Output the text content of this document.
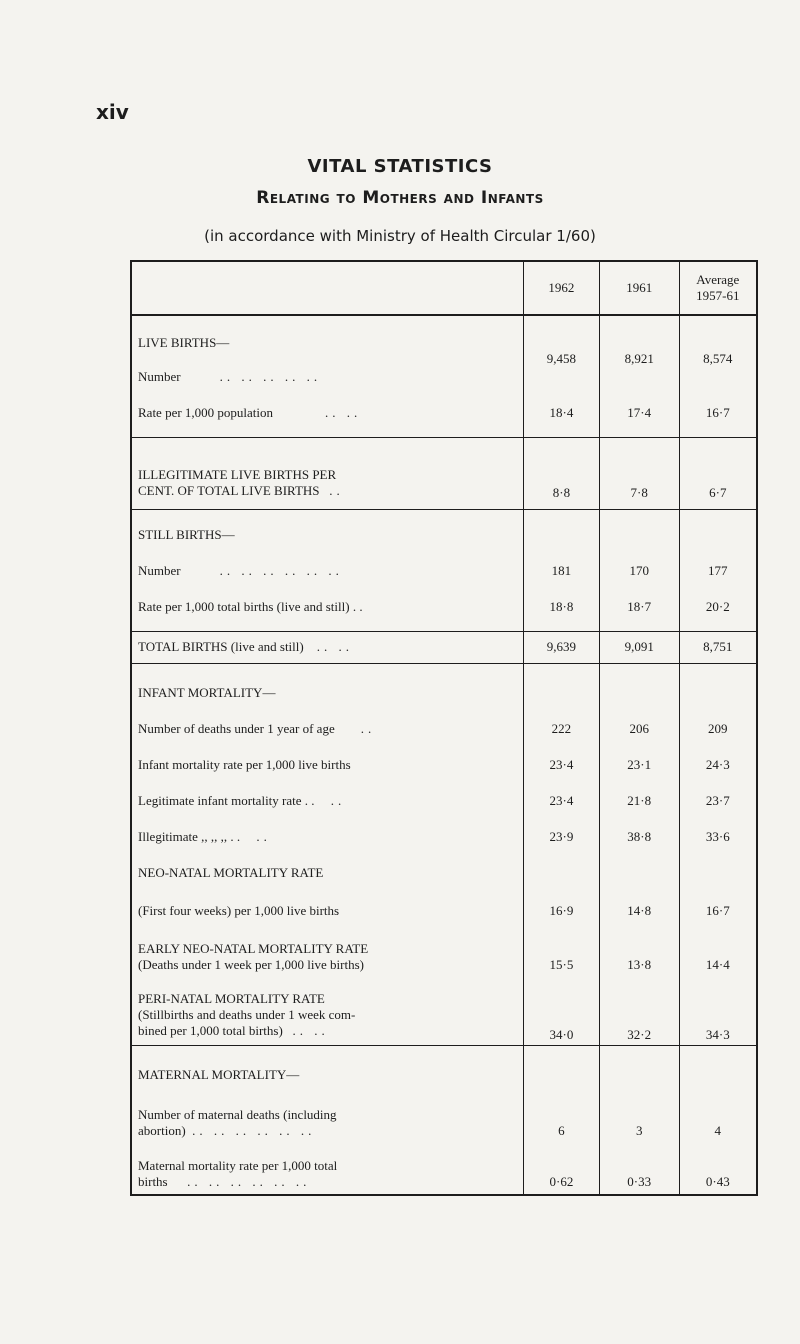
xiv
VITAL STATISTICS
Relating to Mothers and Infants
(in accordance with Ministry of Health Circular 1/60)
	1962	1961	Average
1957-61
LIVE BIRTHS—			
Number .. .. .. .. ..	9,458	8,921	8,574
Rate per 1,000 population .. ..	18·4	17·4	16·7
ILLEGITIMATE LIVE BIRTHS PER
CENT. OF TOTAL LIVE BIRTHS ..	8·8	7·8	6·7
STILL BIRTHS—			
Number .. .. .. .. .. ..	181	170	177
Rate per 1,000 total births (live and still) . .	18·8	18·7	20·2
TOTAL BIRTHS (live and still) .. ..	9,639	9,091	8,751
INFANT MORTALITY—			
Number of deaths under 1 year of age ..	222	206	209
Infant mortality rate per 1,000 live births	23·4	23·1	24·3
Legitimate infant mortality rate . . ..	23·4	21·8	23·7
Illegitimate ,, ,, ,, . . ..	23·9	38·8	33·6
NEO-NATAL MORTALITY RATE			
(First four weeks) per 1,000 live births	16·9	14·8	16·7
EARLY NEO-NATAL MORTALITY RATE
(Deaths under 1 week per 1,000 live births)	15·5	13·8	14·4
PERI-NATAL MORTALITY RATE
(Stillbirths and deaths under 1 week com-
bined per 1,000 total births) .. ..	34·0	32·2	34·3
MATERNAL MORTALITY—			
Number of maternal deaths (including
abortion) .. .. .. .. .. ..	6	3	4
Maternal mortality rate per 1,000 total
births .. .. .. .. .. ..	0·62	0·33	0·43
